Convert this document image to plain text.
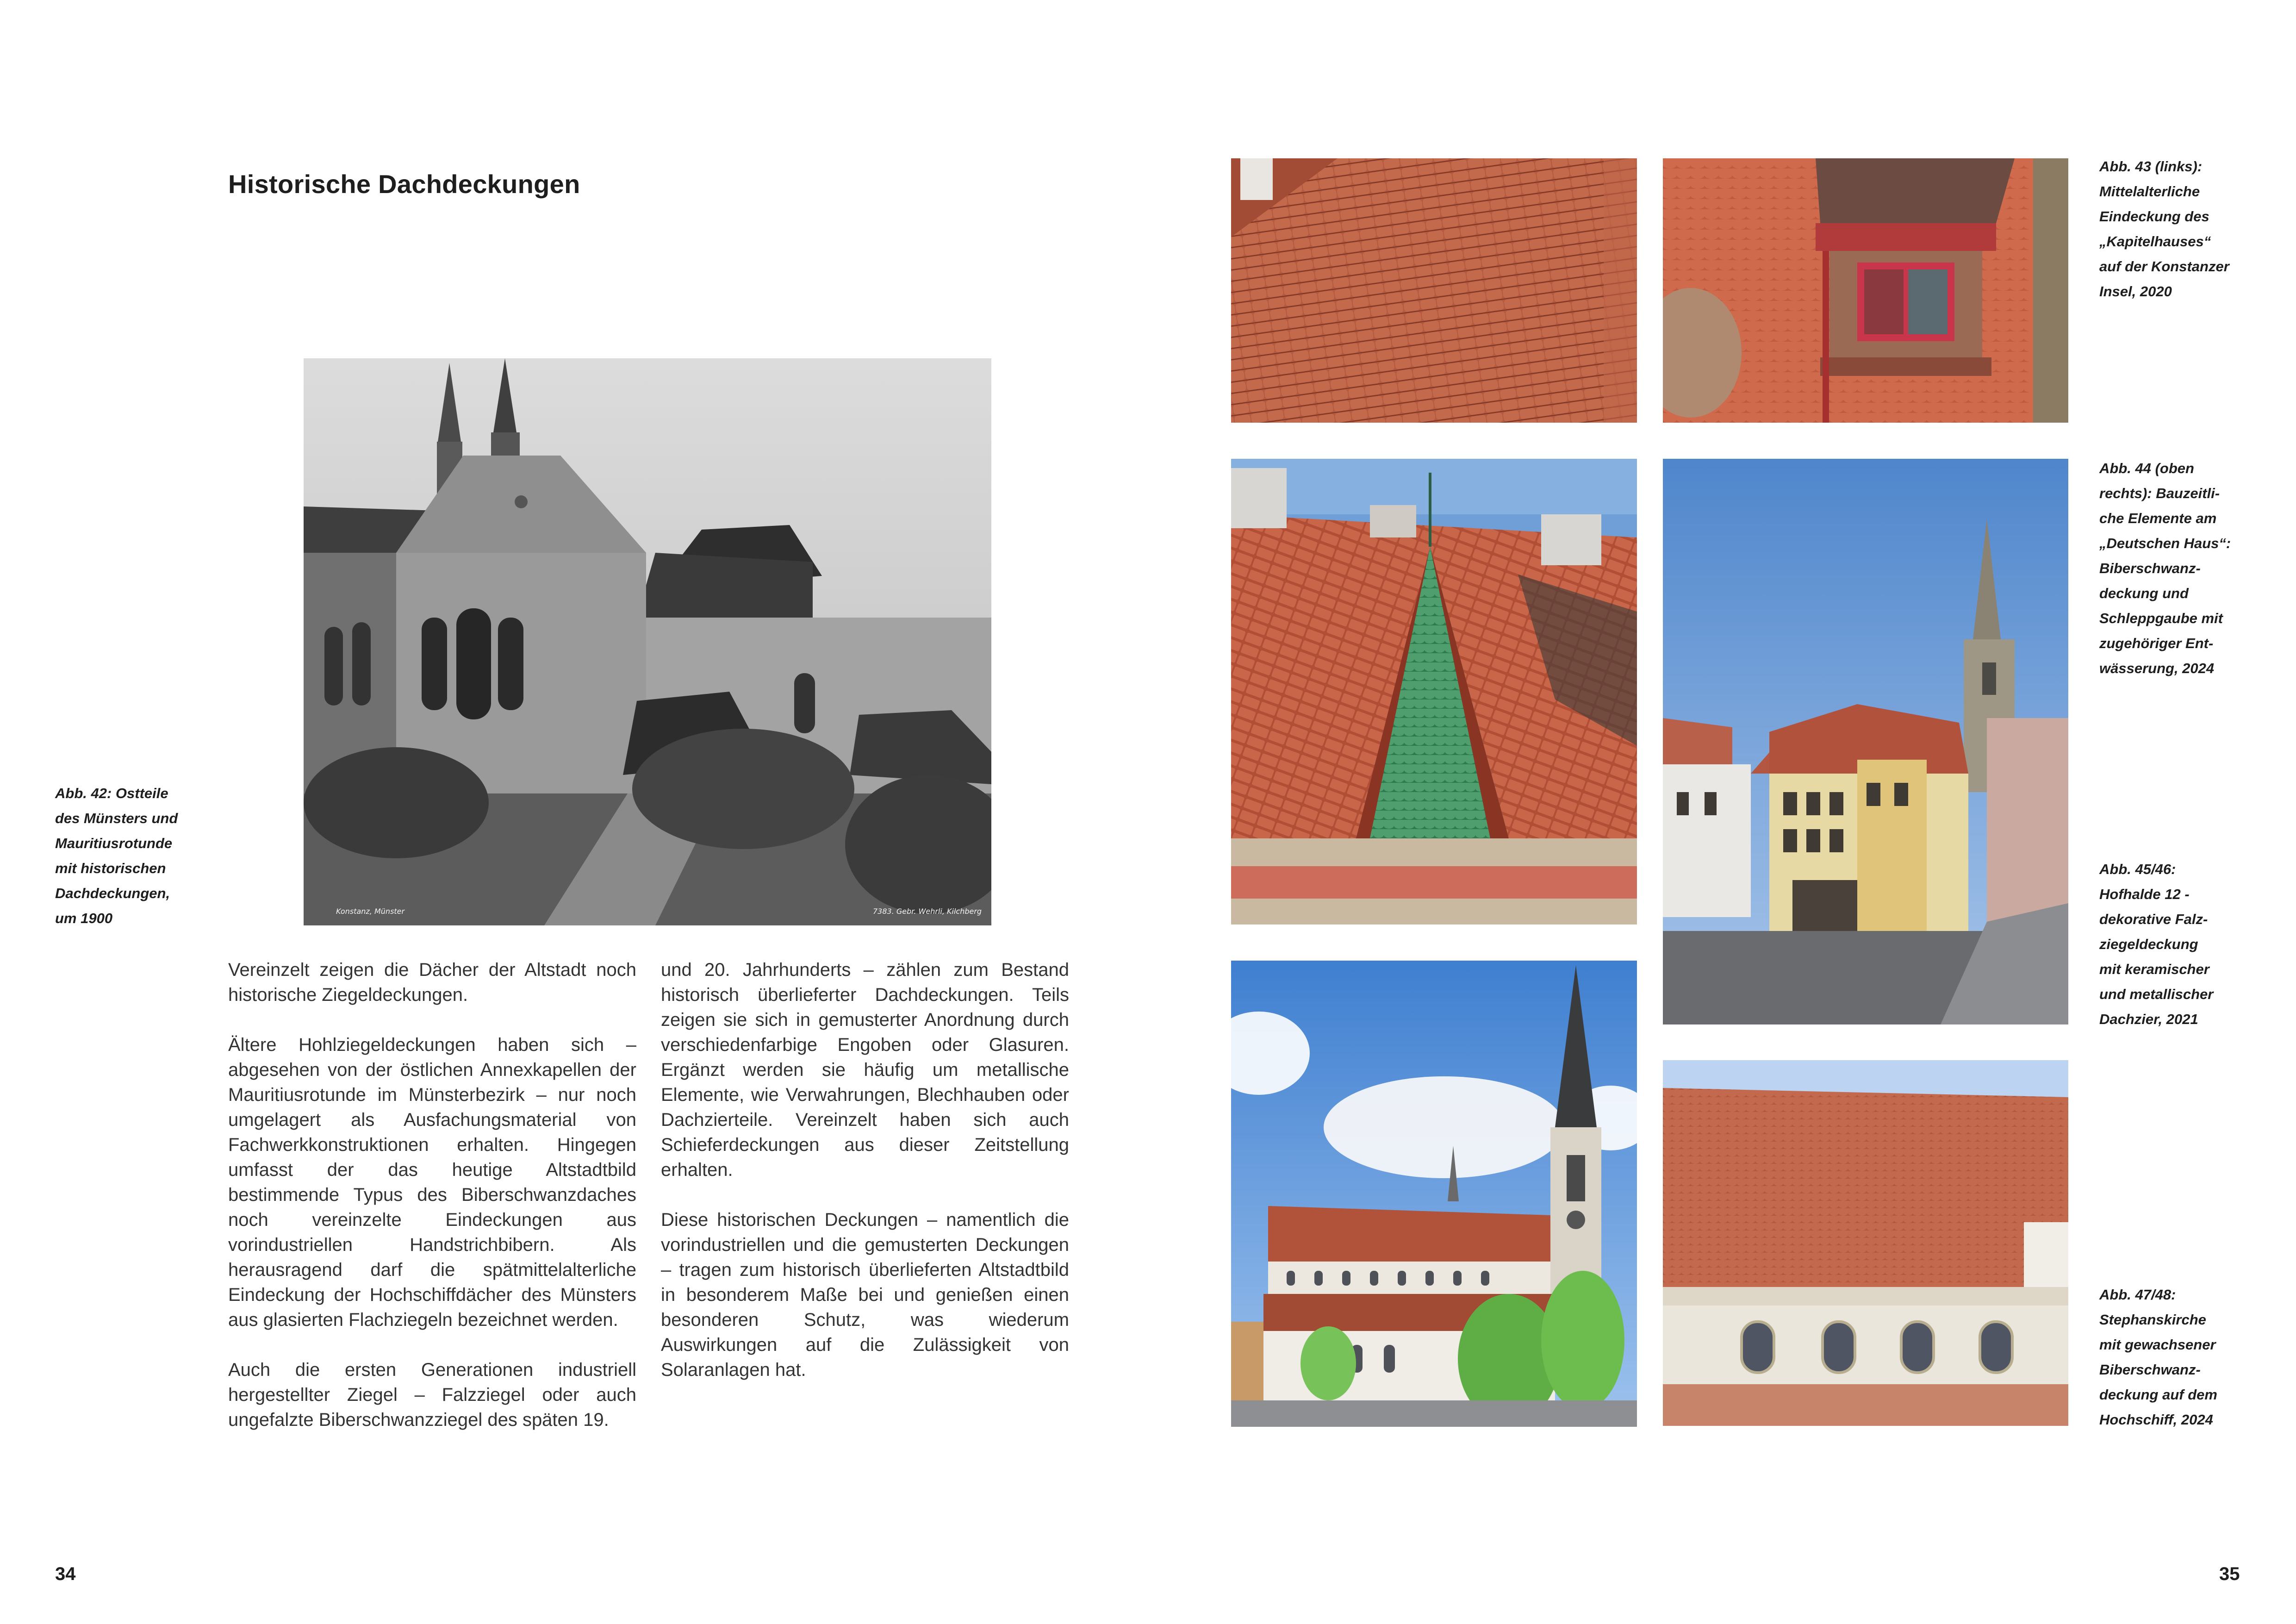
Historische Dachdeckungen
Konstanz, Münster	7383. Gebr. Wehrli, Kilchberg
Abb. 42: Ostteile
des Münsters und
Mauritiusrotunde
mit historischen
Dachdeckungen,
um 1900

Vereinzelt zeigen die Dächer der Altstadt noch historische Ziegeldeckungen.

Ältere Hohlziegeldeckungen haben sich – abgesehen von der östlichen Annexkapellen der Mauritiusrotunde im Münsterbezirk – nur noch umgelagert als Ausfachungsmaterial von Fachwerkkonstruktionen erhalten. Hingegen umfasst der das heutige Altstadtbild bestimmende Typus des Biberschwanzdaches noch vereinzelte Eindeckungen aus vorindustriellen Handstrichbibern. Als herausragend darf die spätmittelalterliche Eindeckung der Hochschiffdächer des Münsters aus glasierten Flachziegeln bezeichnet werden.

Auch die ersten Generationen industriell hergestellter Ziegel – Falzziegel oder auch ungefalzte Biberschwanzziegel des späten 19.

und 20. Jahrhunderts – zählen zum Bestand historisch überlieferter Dachdeckungen. Teils zeigen sie sich in gemusterter Anordnung durch verschiedenfarbige Engoben oder Glasuren. Ergänzt werden sie häufig um metallische Elemente, wie Verwahrungen, Blechhauben oder Dachzierteile. Vereinzelt haben sich auch Schieferdeckungen aus dieser Zeitstellung erhalten.

Diese historischen Deckungen – namentlich die vorindustriellen und die gemusterten Deckungen – tragen zum historisch überlieferten Altstadtbild in besonderem Maße bei und genießen einen besonderen Schutz, was wiederum Auswirkungen auf die Zulässigkeit von Solaranlagen hat.

34
Abb. 43 (links):
Mittelalterliche
Eindeckung des
„Kapitelhauses“
auf der Konstanzer
Insel, 2020
Abb. 44 (oben
rechts): Bauzeitli-
che Elemente am
„Deutschen Haus“:
Biberschwanz-
deckung und
Schleppgaube mit
zugehöriger Ent-
wässerung, 2024
Abb. 45/46:
Hofhalde 12 -
dekorative Falz-
ziegeldeckung
mit keramischer
und metallischer
Dachzier, 2021
Abb. 47/48:
Stephanskirche
mit gewachsener
Biberschwanz-
deckung auf dem
Hochschiff, 2024
35
